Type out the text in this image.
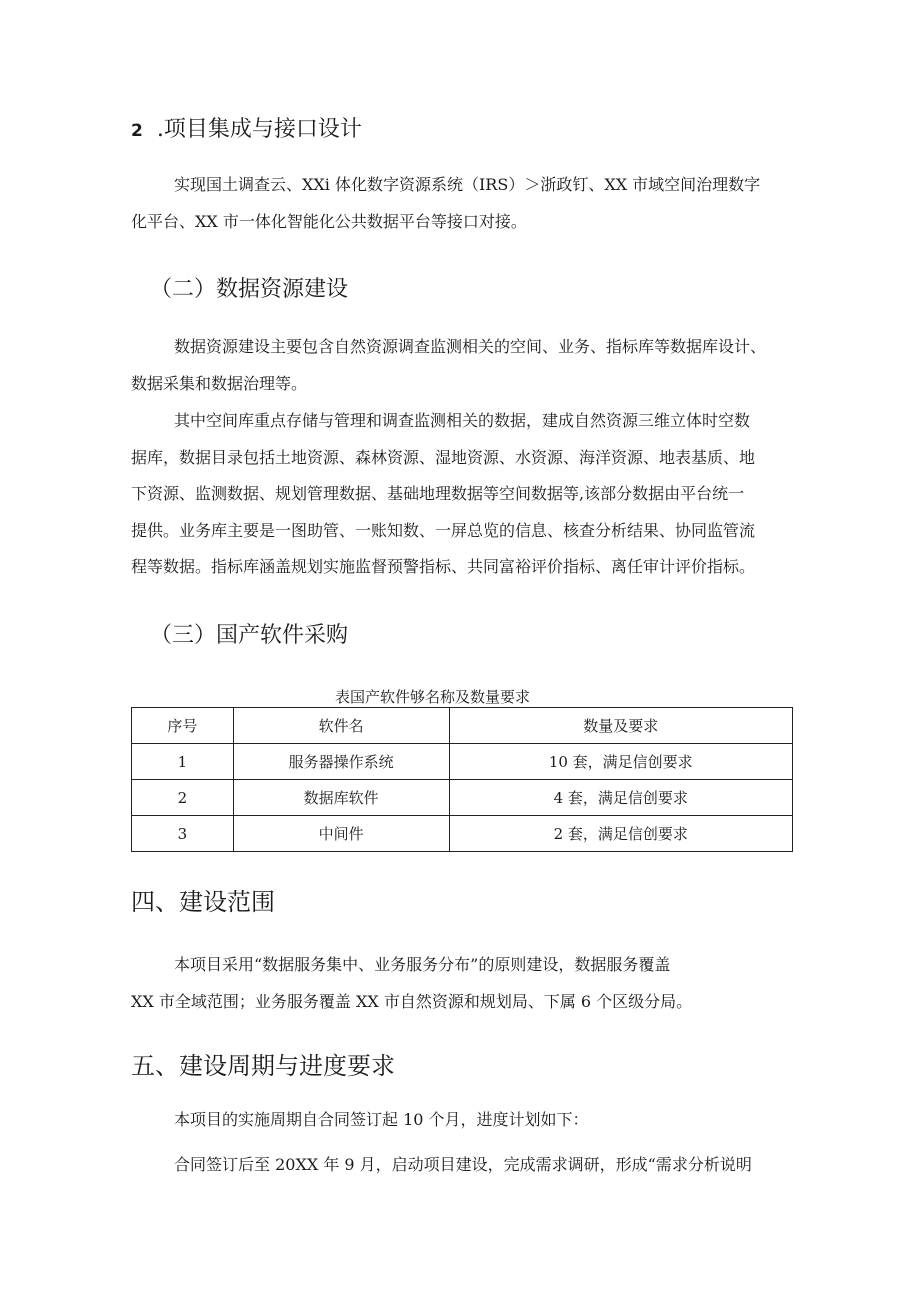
2 .项目集成与接口设计
实现国土调查云、XXi 体化数字资源系统（IRS）＞浙政钉、XX 市域空间治理数字
化平台、XX 市一体化智能化公共数据平台等接口对接。
（二）数据资源建设
数据资源建设主要包含自然资源调查监测相关的空间、业务、指标库等数据库设计、
数据采集和数据治理等。
其中空间库重点存储与管理和调查监测相关的数据，建成自然资源三维立体时空数
据库，数据目录包括土地资源、森林资源、湿地资源、水资源、海洋资源、地表基质、地
下资源、监测数据、规划管理数据、基础地理数据等空间数据等,该部分数据由平台统一
提供。业务库主要是一图助管、一账知数、一屏总览的信息、核查分析结果、协同监管流
程等数据。指标库涵盖规划实施监督预警指标、共同富裕评价指标、离任审计评价指标。
（三）国产软件采购
表国产软件够名称及数量要求
序号	软件名	数量及要求
1	服务器操作系统	10 套，满足信创要求
2	数据库软件	4 套，满足信创要求
3	中间件	2 套，满足信创要求
四、建设范围
本项目采用“数据服务集中、业务服务分布”的原则建设，数据服务覆盖
XX 市全域范围；业务服务覆盖 XX 市自然资源和规划局、下属 6 个区级分局。
五、建设周期与进度要求
本项目的实施周期自合同签订起 10 个月，进度计划如下：
合同签订后至 20XX 年 9 月，启动项目建设，完成需求调研，形成“需求分析说明
